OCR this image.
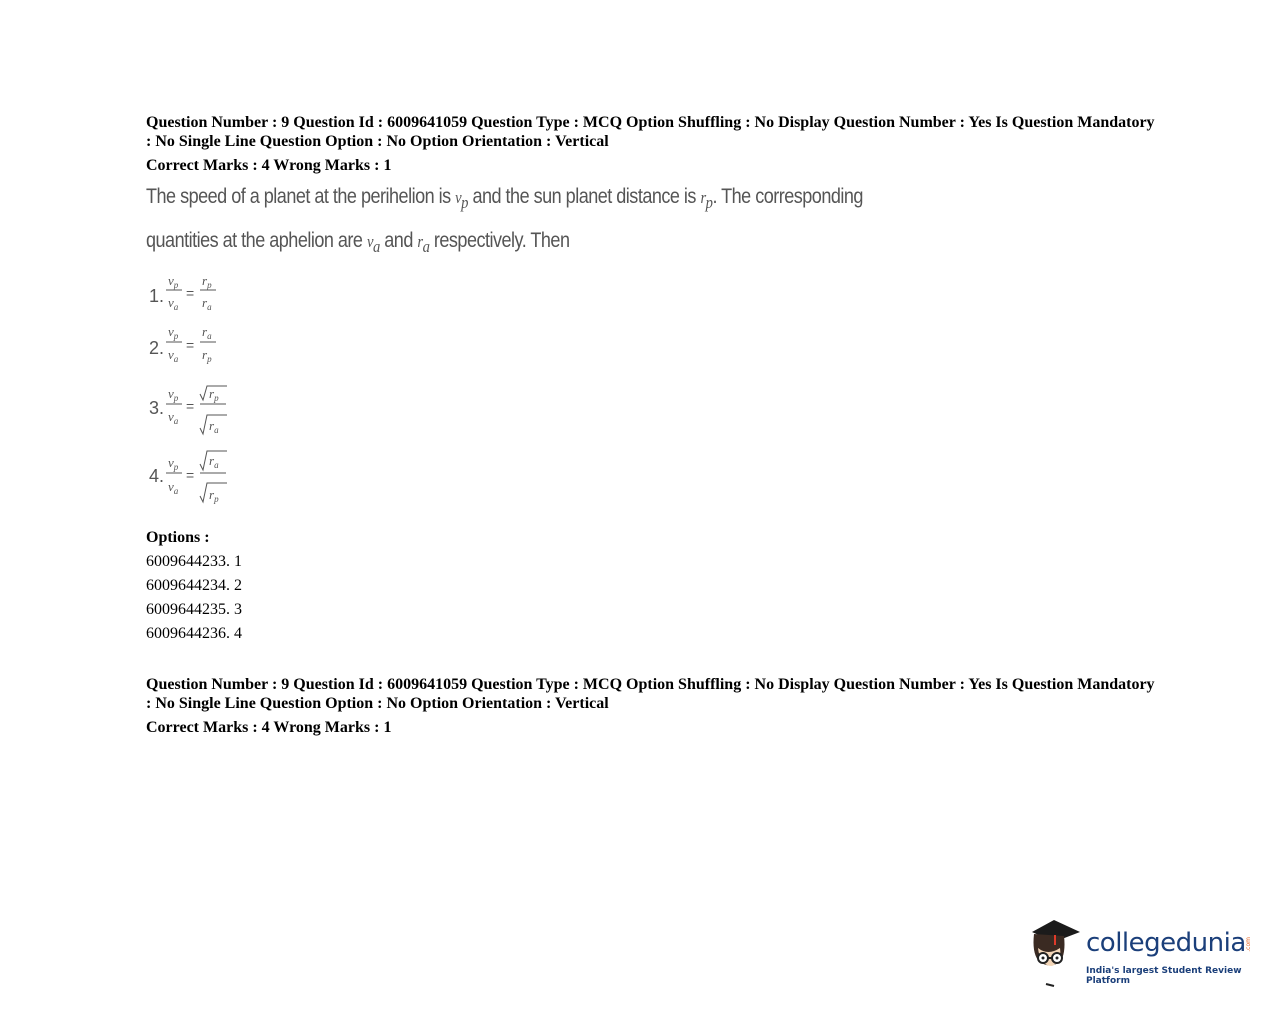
Question Number : 9 Question Id : 6009641059 Question Type : MCQ Option Shuffling : No Display Question Number : Yes Is Question Mandatory : No Single Line Question Option : No Option Orientation : Vertical
Correct Marks : 4 Wrong Marks : 1
The speed of a planet at the perihelion is $v_p$ and the sun planet distance is $r_p$. The corresponding quantities at the aphelion are $v_a$ and $r_a$ respectively. Then
1.
$v_p$
$v_a$
=
$r_p$
$r_a$
2.
$v_p$
$v_a$
=
$r_a$
$r_p$
3.
$v_p$
$v_a$
=
$r_p$
$r_a$
4.
$v_p$
$v_a$
=
$r_a$
$r_p$
Options :
6009644233. 1
6009644234. 2
6009644235. 3
6009644236. 4
Question Number : 9 Question Id : 6009641059 Question Type : MCQ Option Shuffling : No Display Question Number : Yes Is Question Mandatory : No Single Line Question Option : No Option Orientation : Vertical
Correct Marks : 4 Wrong Marks : 1
collegedunia .com
India's largest Student Review Platform
